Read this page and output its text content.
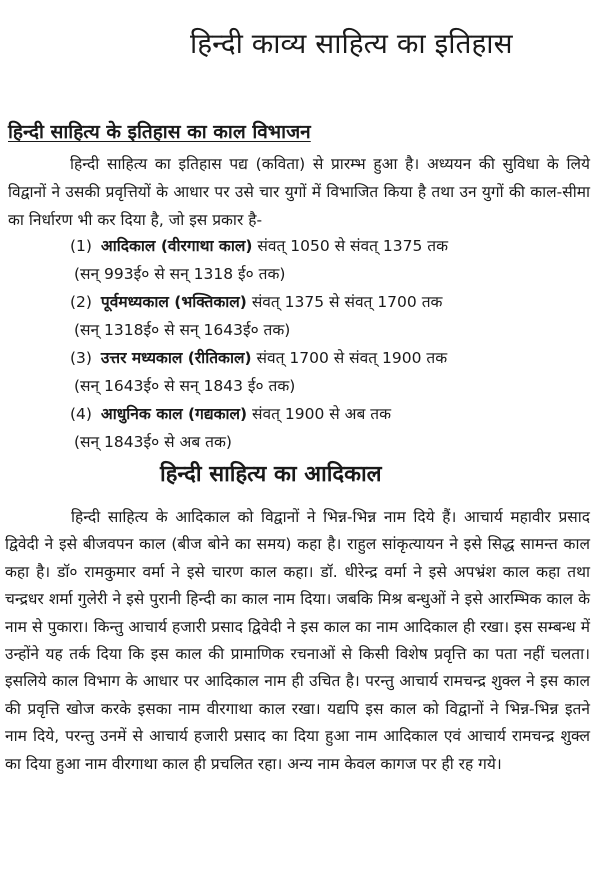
हिन्दी काव्य साहित्य का इतिहास
हिन्दी साहित्य के इतिहास का काल विभाजन

हिन्दी साहित्य का इतिहास पद्य (कविता) से प्रारम्भ हुआ है। अध्ययन की सुविधा के लिये विद्वानों ने उसकी प्रवृत्तियों के आधार पर उसे चार युगों में विभाजित किया है तथा उन युगों की काल-सीमा का निर्धारण भी कर दिया है, जो इस प्रकार है-

(1) आदिकाल (वीरगाथा काल) संवत् 1050 से संवत् 1375 तक
(सन् 993ई० से सन् 1318 ई० तक)
(2) पूर्वमध्यकाल (भक्तिकाल) संवत् 1375 से संवत् 1700 तक
(सन् 1318ई० से सन् 1643ई० तक)
(3) उत्तर मध्यकाल (रीतिकाल) संवत् 1700 से संवत् 1900 तक
(सन् 1643ई० से सन् 1843 ई० तक)
(4) आधुनिक काल (गद्यकाल) संवत् 1900 से अब तक
(सन् 1843ई० से अब तक)
हिन्दी साहित्य का आदिकाल

हिन्दी साहित्य के आदिकाल को विद्वानों ने भिन्न-भिन्न नाम दिये हैं। आचार्य महावीर प्रसाद द्विवेदी ने इसे बीजवपन काल (बीज बोने का समय) कहा है। राहुल सांकृत्यायन ने इसे सिद्ध सामन्त काल कहा है। डॉ० रामकुमार वर्मा ने इसे चारण काल कहा। डॉ. धीरेन्द्र वर्मा ने इसे अपभ्रंश काल कहा तथा चन्द्रधर शर्मा गुलेरी ने इसे पुरानी हिन्दी का काल नाम दिया। जबकि मिश्र बन्धुओं ने इसे आरम्भिक काल के नाम से पुकारा। किन्तु आचार्य हजारी प्रसाद द्विवेदी ने इस काल का नाम आदिकाल ही रखा। इस सम्बन्ध में उन्होंने यह तर्क दिया कि इस काल की प्रामाणिक रचनाओं से किसी विशेष प्रवृत्ति का पता नहीं चलता। इसलिये काल विभाग के आधार पर आदिकाल नाम ही उचित है। परन्तु आचार्य रामचन्द्र शुक्ल ने इस काल की प्रवृत्ति खोज करके इसका नाम वीरगाथा काल रखा। यद्यपि इस काल को विद्वानों ने भिन्न-भिन्न इतने नाम दिये, परन्तु उनमें से आचार्य हजारी प्रसाद का दिया हुआ नाम आदिकाल एवं आचार्य रामचन्द्र शुक्ल का दिया हुआ नाम वीरगाथा काल ही प्रचलित रहा। अन्य नाम केवल कागज पर ही रह गये।
